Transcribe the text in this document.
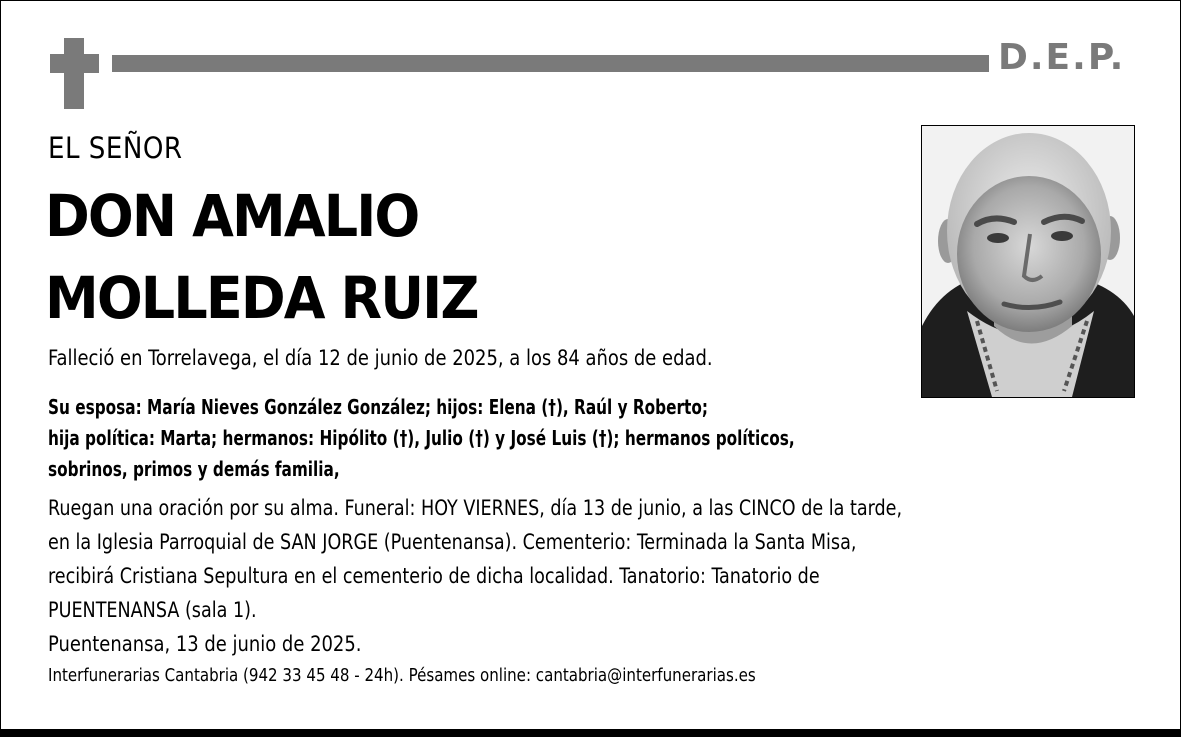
D.E.P.
EL SEÑOR
DON AMALIO
MOLLEDA RUIZ
Falleció en Torrelavega, el día 12 de junio de 2025, a los 84 años de edad.
Su esposa: María Nieves González González; hijos: Elena (†), Raúl y Roberto;
hija política: Marta; hermanos: Hipólito (†), Julio (†) y José Luis (†); hermanos políticos,
sobrinos, primos y demás familia,
Ruegan una oración por su alma. Funeral: HOY VIERNES, día 13 de junio, a las CINCO de la tarde,
en la Iglesia Parroquial de SAN JORGE (Puentenansa). Cementerio: Terminada la Santa Misa,
recibirá Cristiana Sepultura en el cementerio de dicha localidad. Tanatorio: Tanatorio de
PUENTENANSA (sala 1).
Puentenansa, 13 de junio de 2025.
Interfunerarias Cantabria (942 33 45 48 - 24h). Pésames online: cantabria@interfunerarias.es
